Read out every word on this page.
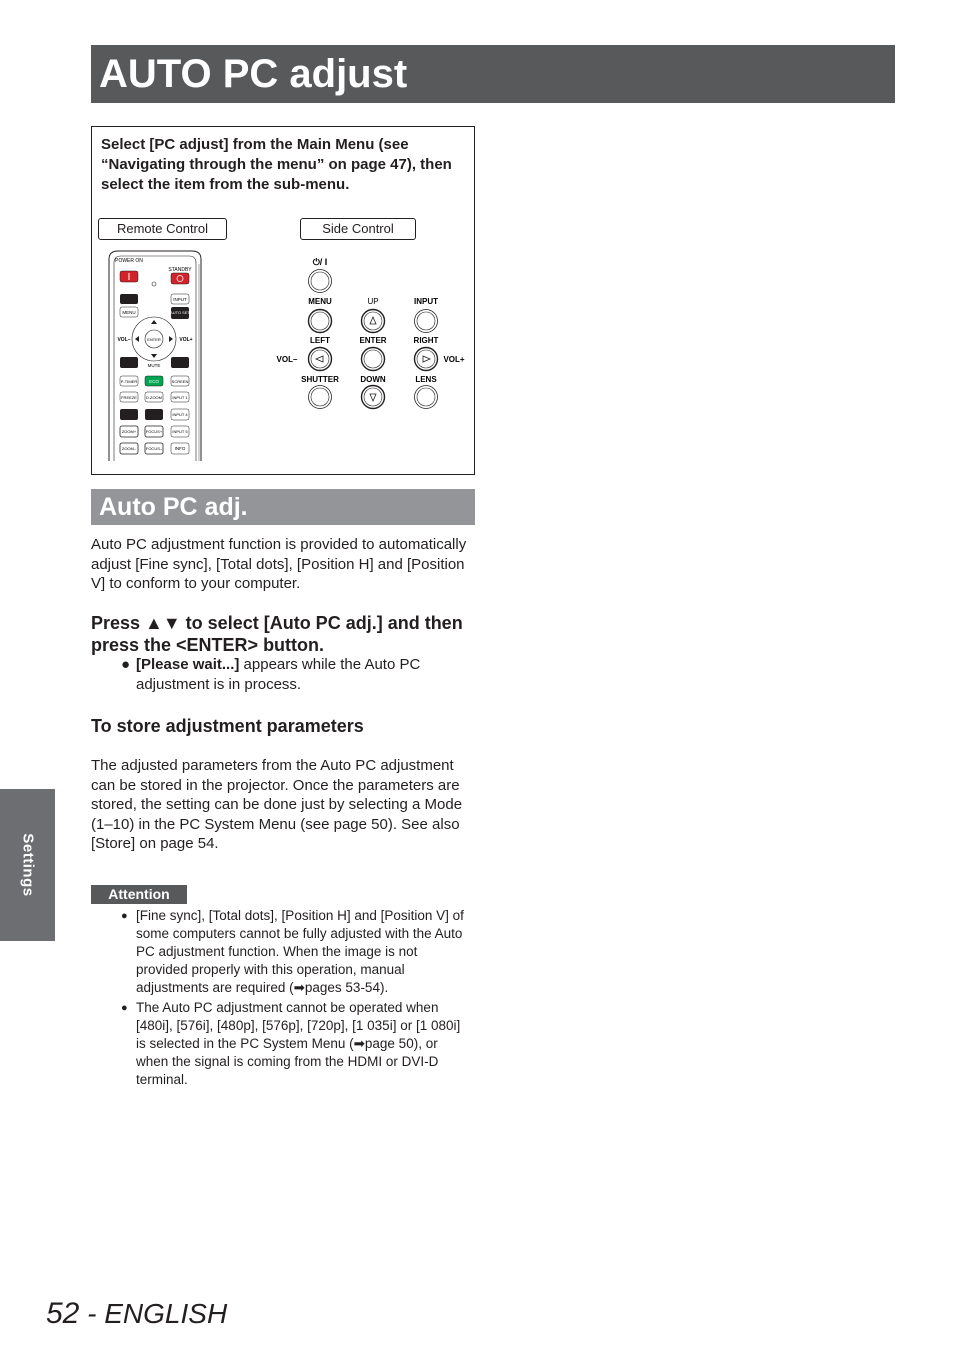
AUTO PC adjust
Select [PC adjust] from the Main Menu (see “Navigating through the menu” on page 47), then select the item from the sub-menu.
Remote Control	Side Control
POWER ON
STANDBY
INPUT
MENU	AUTO SET
ENTER
VOL–	VOL+
MUTE
P-TIMER	ECO	SCREEN
FREEZE D.ZOOM	INPUT 1
INPUT 4
ZOOM+ FOCUS+	INPUT 5
ZOOM– FOCUS–	INFO
⏻/ I
MENU	UP	INPUT
LEFT
VOL–
ENTER	RIGHT
VOL+
SHUTTER	DOWN	LENS
Auto PC adj.
Auto PC adjustment function is provided to automatically adjust [Fine sync], [Total dots], [Position H] and [Position V] to conform to your computer.
Press ▲▼ to select [Auto PC adj.] and then press the <ENTER> button.
● [Please wait...] appears while the Auto PC adjustment is in process.
To store adjustment parameters
The adjusted parameters from the Auto PC adjustment can be stored in the projector. Once the parameters are stored, the setting can be done just by selecting a Mode (1–10) in the PC System Menu (see page 50). See also [Store] on page 54.
Attention
● [Fine sync], [Total dots], [Position H] and [Position V] of some computers cannot be fully adjusted with the Auto PC adjustment function. When the image is not provided properly with this operation, manual adjustments are required (➡pages 53-54).
● The Auto PC adjustment cannot be operated when [480i], [576i], [480p], [576p], [720p], [1 035i] or [1 080i] is selected in the PC System Menu (➡page 50), or when the signal is coming from the HDMI or DVI-D terminal.
Settings
52 - ENGLISH
